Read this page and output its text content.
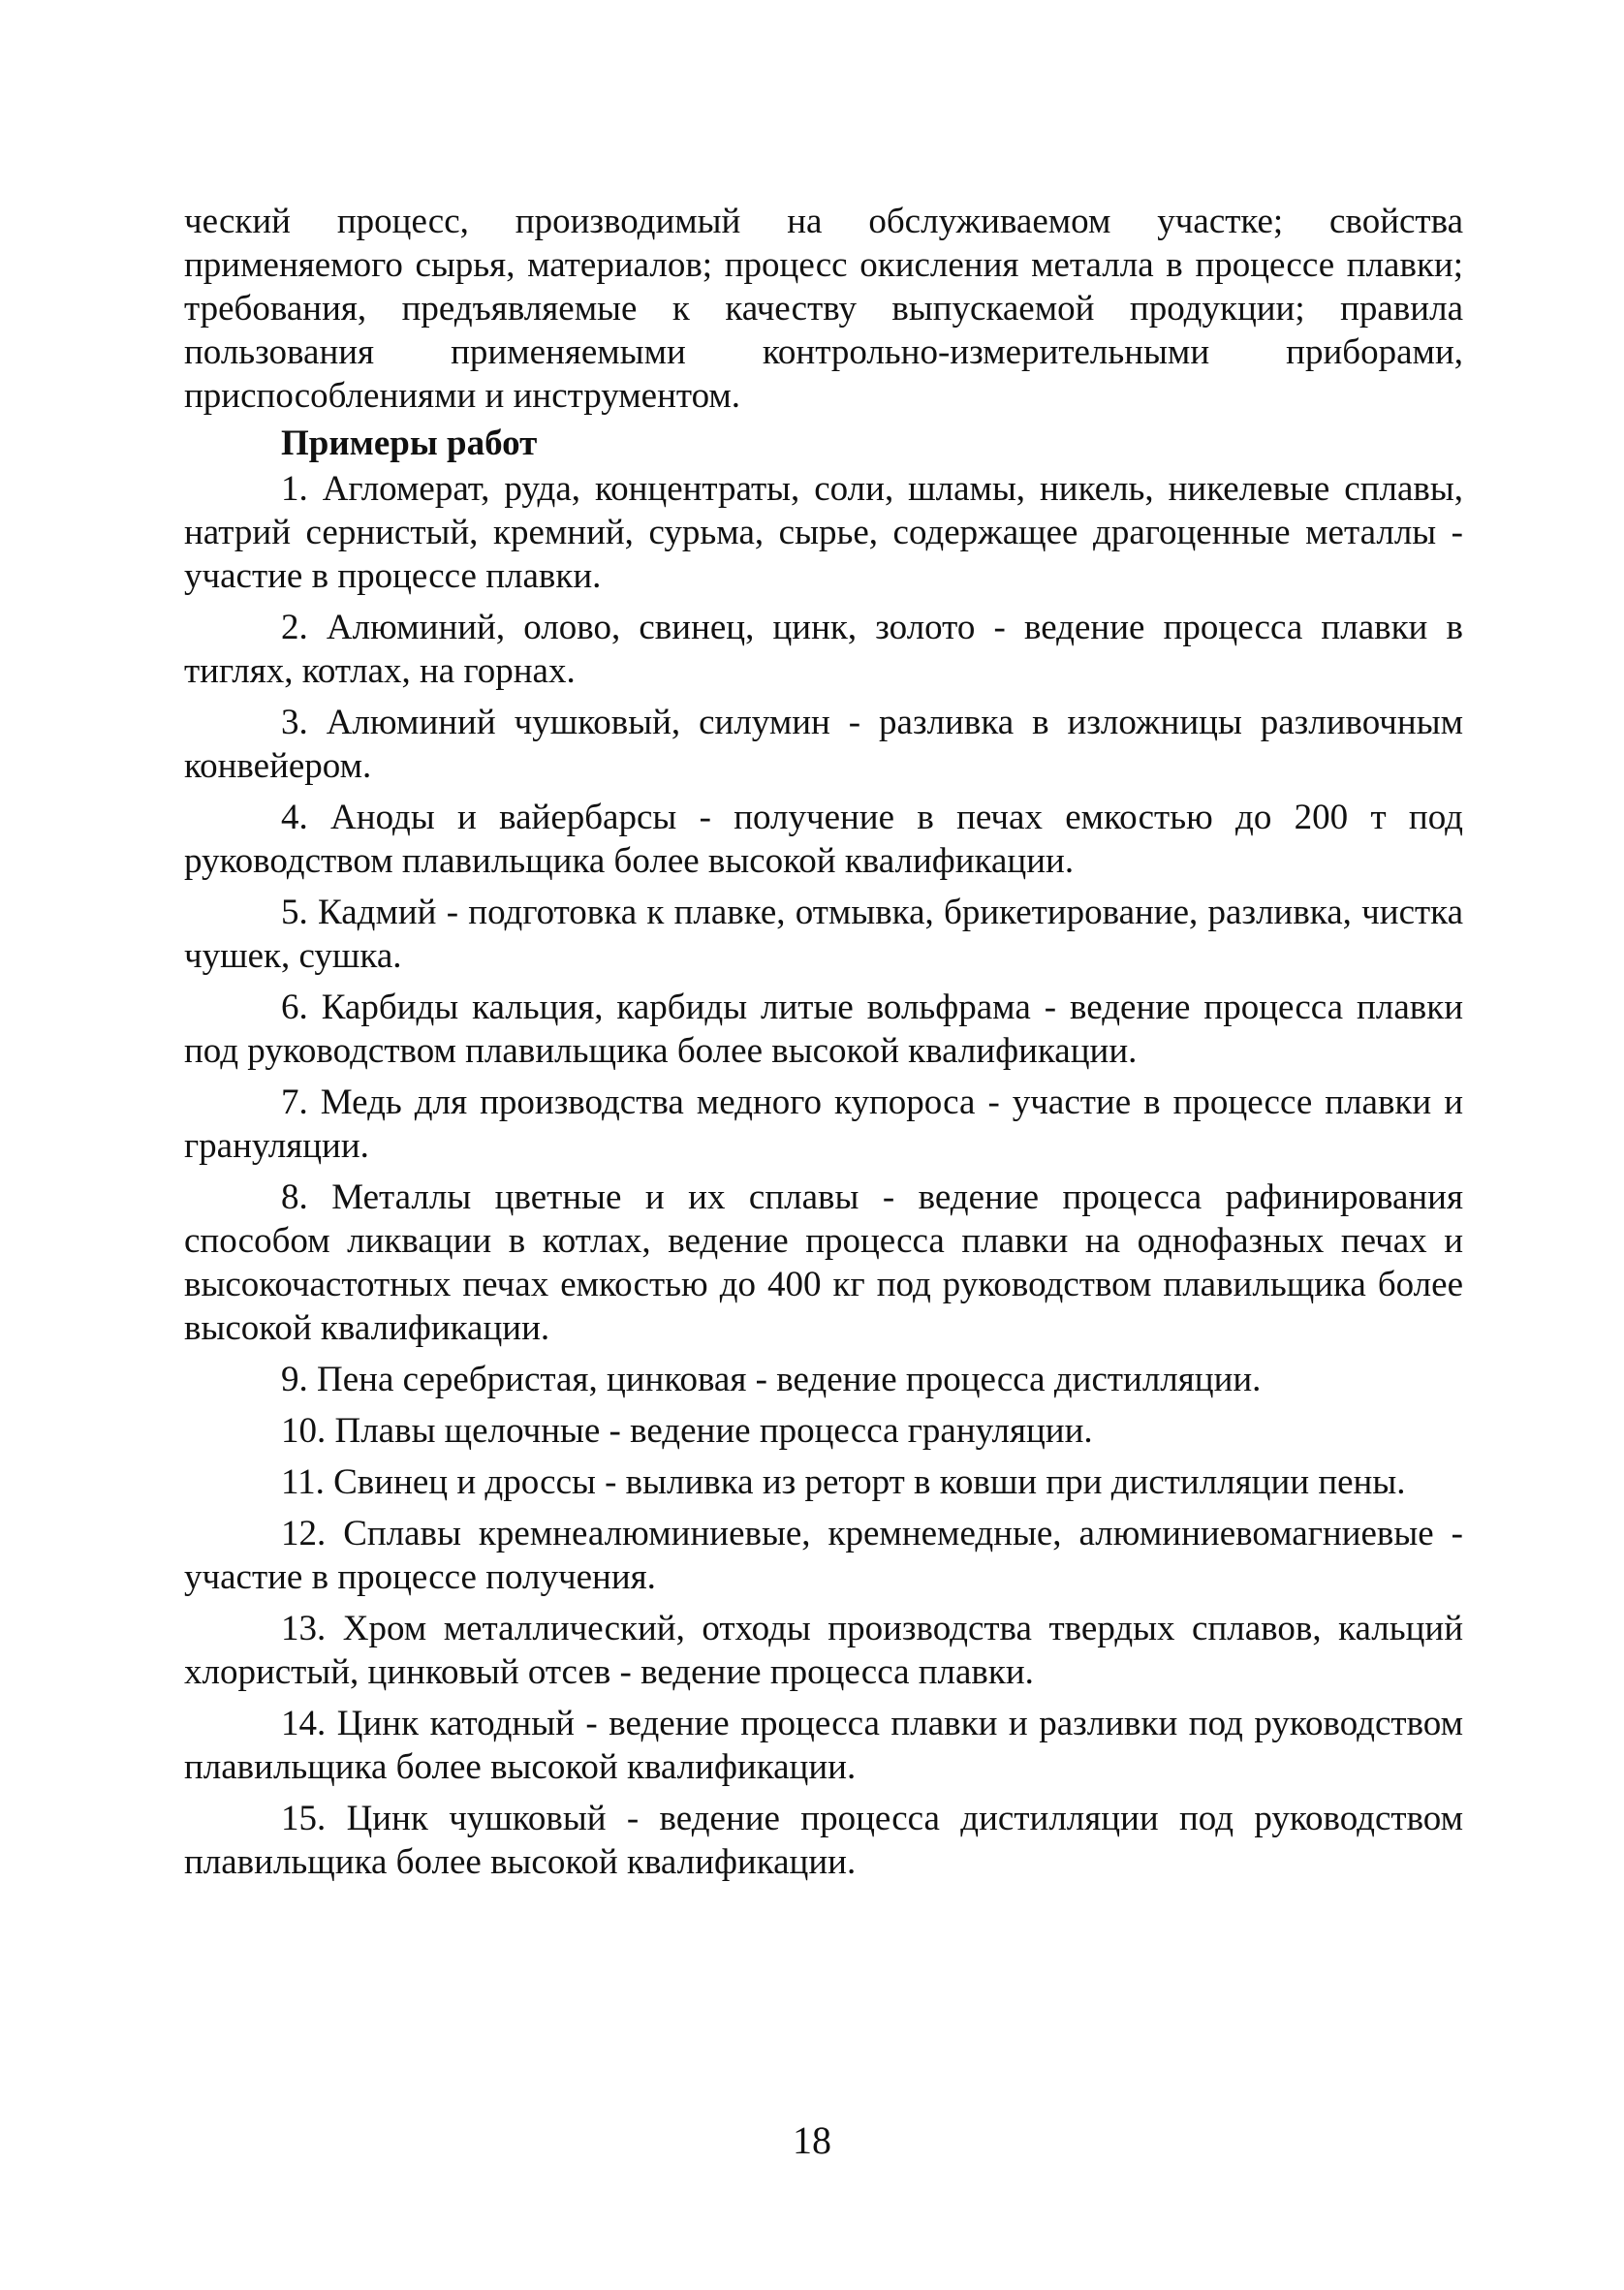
ческий процесс, производимый на обслуживаемом участке; свойства применяемого сырья, материалов; процесс окисления металла в процессе плавки; требования, предъявляемые к качеству выпускаемой продукции; правила пользования применяемыми контрольно-измерительными приборами, приспособлениями и инструментом.

Примеры работ

1. Агломерат, руда, концентраты, соли, шламы, никель, никелевые сплавы, натрий сернистый, кремний, сурьма, сырье, содержащее драгоценные металлы - участие в процессе плавки.

2. Алюминий, олово, свинец, цинк, золото - ведение процесса плавки в тиглях, котлах, на горнах.

3. Алюминий чушковый, силумин - разливка в изложницы разливочным конвейером.

4. Аноды и вайербарсы - получение в печах емкостью до 200 т под руководством плавильщика более высокой квалификации.

5. Кадмий - подготовка к плавке, отмывка, брикетирование, разливка, чистка чушек, сушка.

6. Карбиды кальция, карбиды литые вольфрама - ведение процесса плавки под руководством плавильщика более высокой квалификации.

7. Медь для производства медного купороса - участие в процессе плавки и грануляции.

8. Металлы цветные и их сплавы - ведение процесса рафинирования способом ликвации в котлах, ведение процесса плавки на однофазных печах и высокочастотных печах емкостью до 400 кг под руководством плавильщика более высокой квалификации.

9. Пена серебристая, цинковая - ведение процесса дистилляции.

10. Плавы щелочные - ведение процесса грануляции.

11. Свинец и дроссы - выливка из реторт в ковши при дистилляции пены.

12. Сплавы кремнеалюминиевые, кремнемедные, алюминиевомагниевые - участие в процессе получения.

13. Хром металлический, отходы производства твердых сплавов, кальций хлористый, цинковый отсев - ведение процесса плавки.

14. Цинк катодный - ведение процесса плавки и разливки под руководством плавильщика более высокой квалификации.

15. Цинк чушковый - ведение процесса дистилляции под руководством плавильщика более высокой квалификации.

18
